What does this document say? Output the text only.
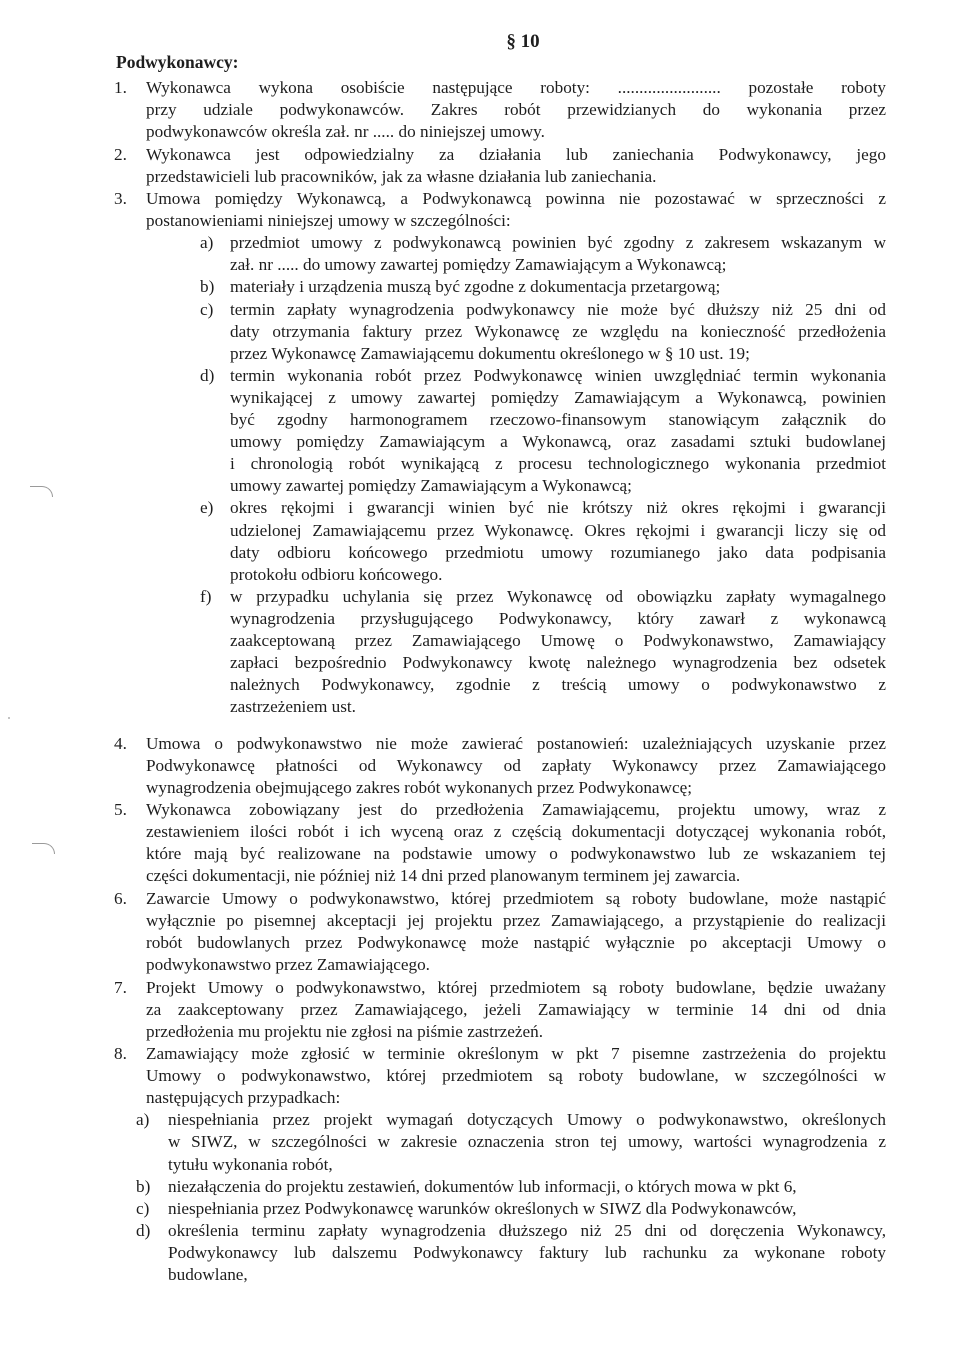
§ 10
Podwykonawcy:
1. Wykonawca wykona osobiście następujące roboty: ........................ pozostałe roboty
przy udziale podwykonawców. Zakres robót przewidzianych do wykonania przez
podwykonawców określa zał. nr ..... do niniejszej umowy.
2. Wykonawca jest odpowiedzialny za działania lub zaniechania Podwykonawcy, jego
przedstawicieli lub pracowników, jak za własne działania lub zaniechania.
3. Umowa pomiędzy Wykonawcą, a Podwykonawcą powinna nie pozostawać w sprzeczności z
postanowieniami niniejszej umowy w szczególności:
a) przedmiot umowy z podwykonawcą powinien być zgodny z zakresem wskazanym w
zał. nr ..... do umowy zawartej pomiędzy Zamawiającym a Wykonawcą;
b) materiały i urządzenia muszą być zgodne z dokumentacja przetargową;
c) termin zapłaty wynagrodzenia podwykonawcy nie może być dłuższy niż 25 dni od
daty otrzymania faktury przez Wykonawcę ze względu na konieczność przedłożenia
przez Wykonawcę Zamawiającemu dokumentu określonego w § 10 ust. 19;
d) termin wykonania robót przez Podwykonawcę winien uwzględniać termin wykonania
wynikającej z umowy zawartej pomiędzy Zamawiającym a Wykonawcą, powinien
być zgodny harmonogramem rzeczowo-finansowym stanowiącym załącznik do
umowy pomiędzy Zamawiającym a Wykonawcą, oraz zasadami sztuki budowlanej
i chronologią robót wynikającą z procesu technologicznego wykonania przedmiot
umowy zawartej pomiędzy Zamawiającym a Wykonawcą;
e) okres rękojmi i gwarancji winien być nie krótszy niż okres rękojmi i gwarancji
udzielonej Zamawiającemu przez Wykonawcę. Okres rękojmi i gwarancji liczy się od
daty odbioru końcowego przedmiotu umowy rozumianego jako data podpisania
protokołu odbioru końcowego.
f) w przypadku uchylania się przez Wykonawcę od obowiązku zapłaty wymagalnego
wynagrodzenia przysługującego Podwykonawcy, który zawarł z wykonawcą
zaakceptowaną przez Zamawiającego Umowę o Podwykonawstwo, Zamawiający
zapłaci bezpośrednio Podwykonawcy kwotę należnego wynagrodzenia bez odsetek
należnych Podwykonawcy, zgodnie z treścią umowy o podwykonawstwo z
zastrzeżeniem ust.
4. Umowa o podwykonawstwo nie może zawierać postanowień: uzależniających uzyskanie przez
Podwykonawcę płatności od Wykonawcy od zapłaty Wykonawcy przez Zamawiającego
wynagrodzenia obejmującego zakres robót wykonanych przez Podwykonawcę;
5. Wykonawca zobowiązany jest do przedłożenia Zamawiającemu, projektu umowy, wraz z
zestawieniem ilości robót i ich wyceną oraz z częścią dokumentacji dotyczącej wykonania robót,
które mają być realizowane na podstawie umowy o podwykonawstwo lub ze wskazaniem tej
części dokumentacji, nie później niż 14 dni przed planowanym terminem jej zawarcia.
6. Zawarcie Umowy o podwykonawstwo, której przedmiotem są roboty budowlane, może nastąpić
wyłącznie po pisemnej akceptacji jej projektu przez Zamawiającego, a przystąpienie do realizacji
robót budowlanych przez Podwykonawcę może nastąpić wyłącznie po akceptacji Umowy o
podwykonawstwo przez Zamawiającego.
7. Projekt Umowy o podwykonawstwo, której przedmiotem są roboty budowlane, będzie uważany
za zaakceptowany przez Zamawiającego, jeżeli Zamawiający w terminie 14 dni od dnia
przedłożenia mu projektu nie zgłosi na piśmie zastrzeżeń.
8. Zamawiający może zgłosić w terminie określonym w pkt 7 pisemne zastrzeżenia do projektu
Umowy o podwykonawstwo, której przedmiotem są roboty budowlane, w szczególności w
następujących przypadkach:
a) niespełniania przez projekt wymagań dotyczących Umowy o podwykonawstwo, określonych
w SIWZ, w szczególności w zakresie oznaczenia stron tej umowy, wartości wynagrodzenia z
tytułu wykonania robót,
b) niezałączenia do projektu zestawień, dokumentów lub informacji, o których mowa w pkt 6,
c) niespełniania przez Podwykonawcę warunków określonych w SIWZ dla Podwykonawców,
d) określenia terminu zapłaty wynagrodzenia dłuższego niż 25 dni od doręczenia Wykonawcy,
Podwykonawcy lub dalszemu Podwykonawcy faktury lub rachunku za wykonane roboty
budowlane,
